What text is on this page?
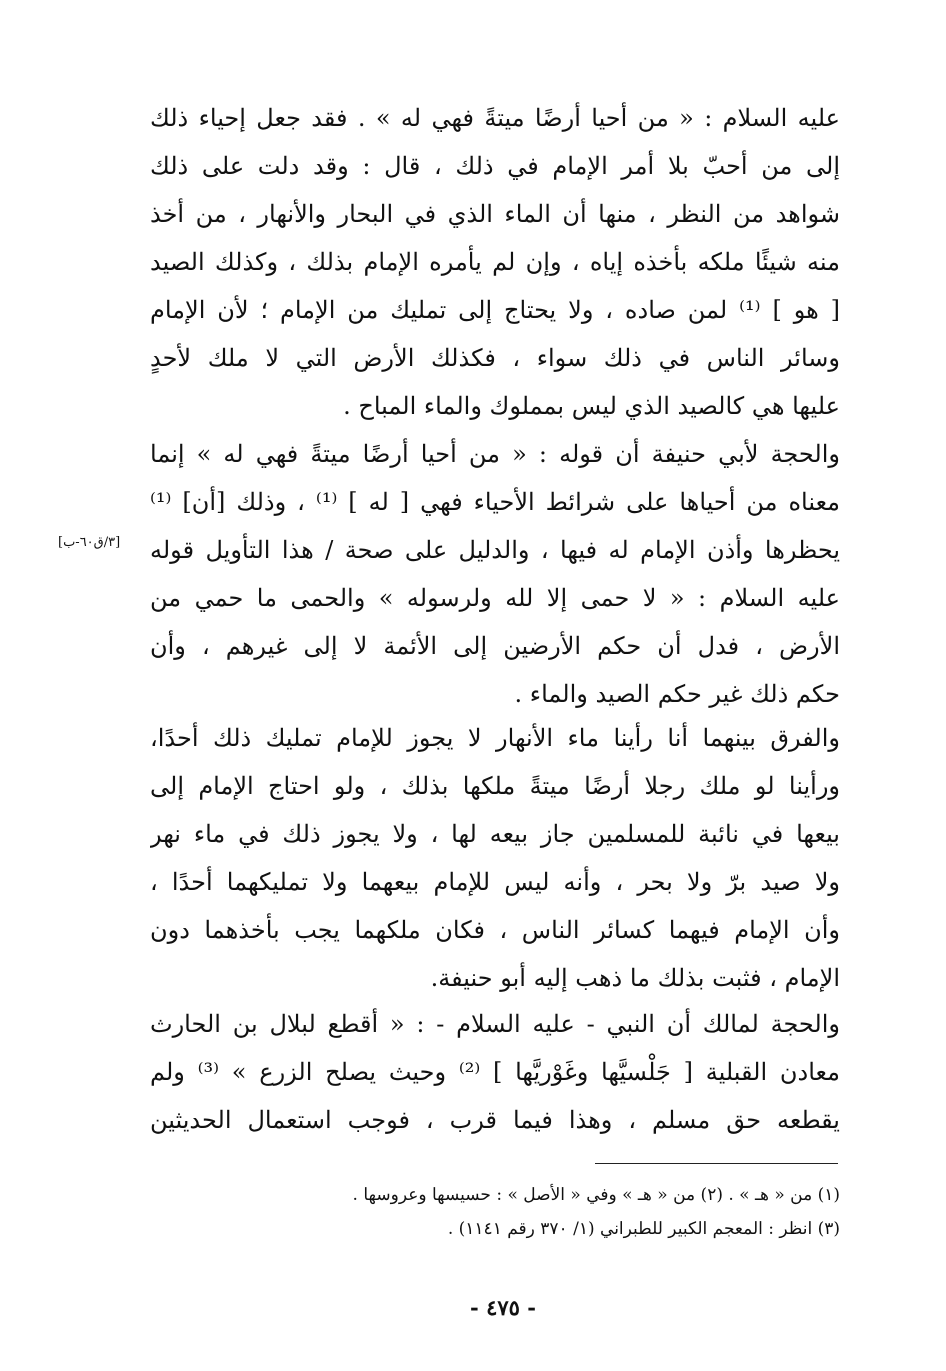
عليه السلام : « من أحيا أرضًا ميتةً فهي له » . فقد جعل إحياء ذلك
إلى من أحبّ بلا أمر الإمام في ذلك ، قال : وقد دلت على ذلك
شواهد من النظر ، منها أن الماء الذي في البحار والأنهار ، من أخذ
منه شيئًا ملكه بأخذه إياه ، وإن لم يأمره الإمام بذلك ، وكذلك الصيد
[ هو ] ⁽¹⁾ لمن صاده ، ولا يحتاج إلى تمليك من الإمام ؛ لأن الإمام
وسائر الناس في ذلك سواء ، فكذلك الأرض التي لا ملك لأحدٍ
عليها هي كالصيد الذي ليس بمملوك والماء المباح .
والحجة لأبي حنيفة أن قوله : « من أحيا أرضًا ميتةً فهي له » إنما
معناه من أحياها على شرائط الأحياء فهي [ له ] ⁽¹⁾ ، وذلك [أن] ⁽¹⁾
يحظرها وأذن الإمام له فيها ، والدليل على صحة / هذا التأويل قوله
عليه السلام : « لا حمى إلا لله ولرسوله » والحمى ما حمي من
الأرض ، فدل أن حكم الأرضين إلى الأئمة لا إلى غيرهم ، وأن
حكم ذلك غير حكم الصيد والماء .
[٣/ق٦٠-ب]
والفرق بينهما أنا رأينا ماء الأنهار لا يجوز للإمام تمليك ذلك أحدًا،
ورأينا لو ملك رجلا أرضًا ميتةً ملكها بذلك ، ولو احتاج الإمام إلى
بيعها في نائبة للمسلمين جاز بيعه لها ، ولا يجوز ذلك في ماء نهر
ولا صيد برّ ولا بحر ، وأنه ليس للإمام بيعهما ولا تمليكهما أحدًا ،
وأن الإمام فيهما كسائر الناس ، فكان ملكهما يجب بأخذهما دون
الإمام ، فثبت بذلك ما ذهب إليه أبو حنيفة.
والحجة لمالك أن النبي - عليه السلام - : « أقطع لبلال بن الحارث
معادن القبلية [ جَلْسيَّها وغَوْريَّها ] ⁽²⁾ وحيث يصلح الزرع » ⁽³⁾ ولم
يقطعه حق مسلم ، وهذا فيما قرب ، فوجب استعمال الحديثين
(١) من « هـ » . (٢) من « هـ » وفي « الأصل » : حسيسها وعروسها .
(٣) انظر : المعجم الكبير للطبراني (١/ ٣٧٠ رقم ١١٤١) .
- ٤٧٥ -
